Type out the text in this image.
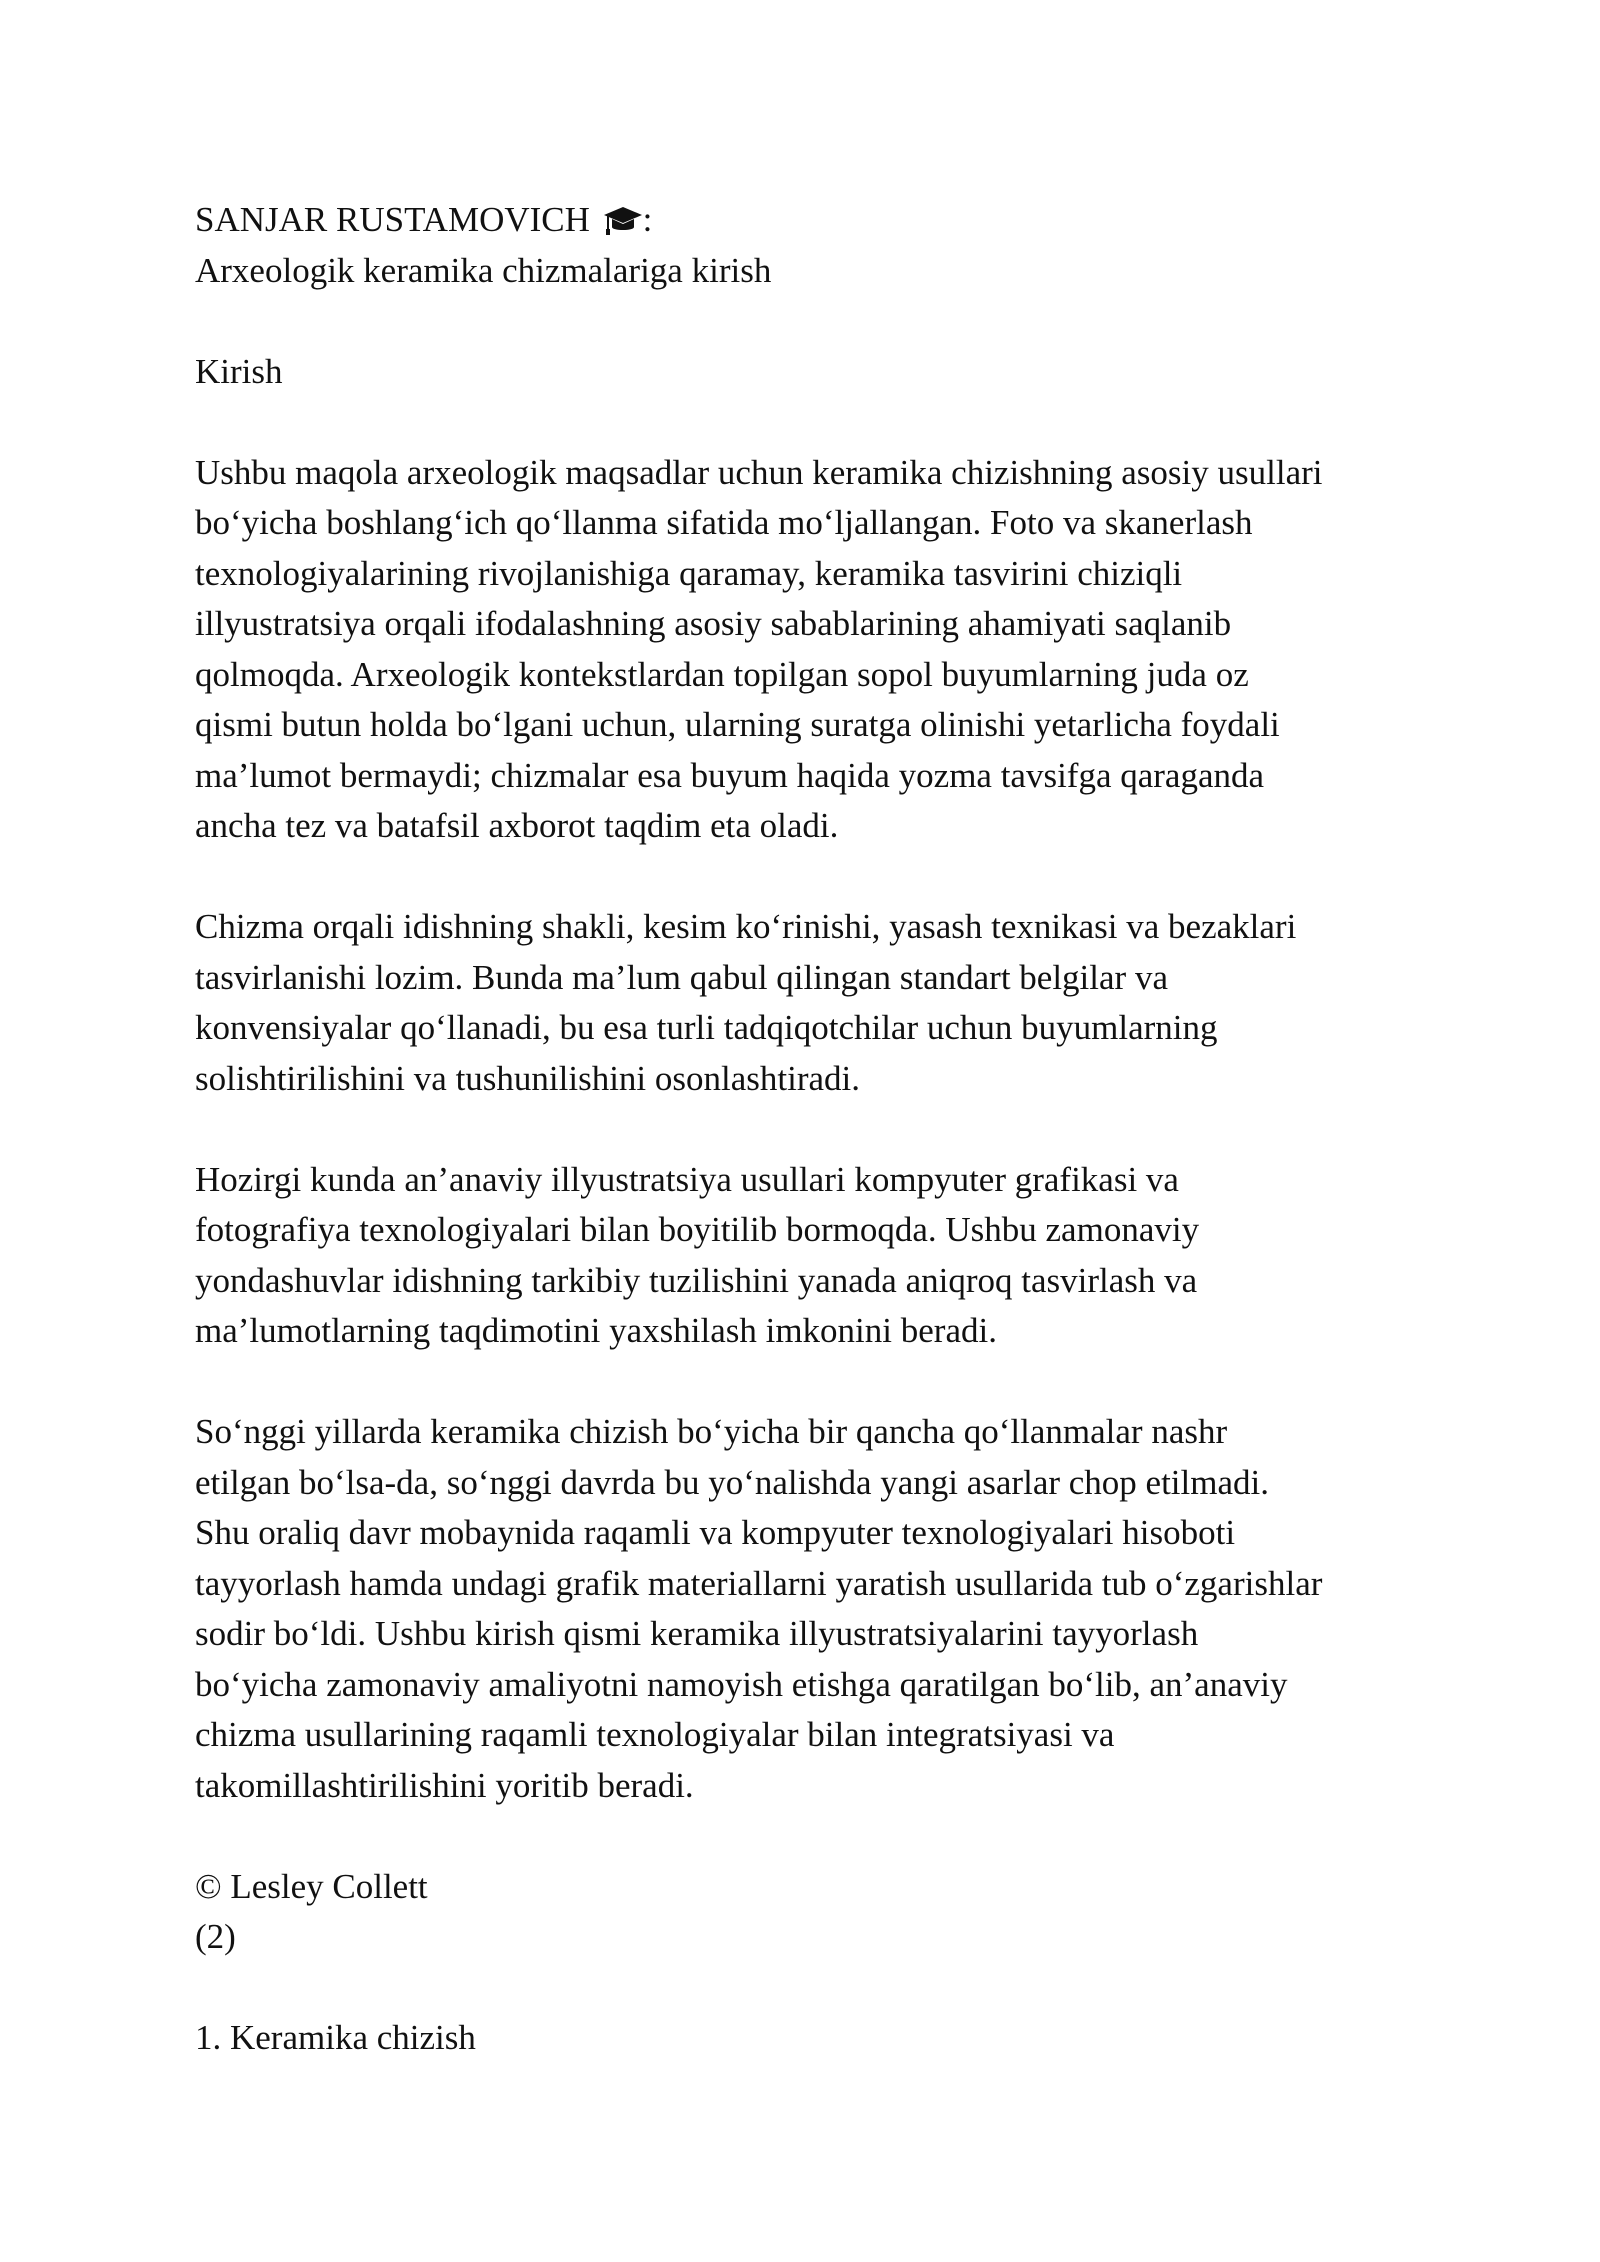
SANJAR RUSTAMOVICH :
Arxeologik keramika chizmalariga kirish
Kirish
Ushbu maqola arxeologik maqsadlar uchun keramika chizishning asosiy usullari
boʻyicha boshlangʻich qoʻllanma sifatida moʻljallangan. Foto va skanerlash
texnologiyalarining rivojlanishiga qaramay, keramika tasvirini chiziqli
illyustratsiya orqali ifodalashning asosiy sabablarining ahamiyati saqlanib
qolmoqda. Arxeologik kontekstlardan topilgan sopol buyumlarning juda oz
qismi butun holda boʻlgani uchun, ularning suratga olinishi yetarlicha foydali
ma’lumot bermaydi; chizmalar esa buyum haqida yozma tavsifga qaraganda
ancha tez va batafsil axborot taqdim eta oladi.
Chizma orqali idishning shakli, kesim koʻrinishi, yasash texnikasi va bezaklari
tasvirlanishi lozim. Bunda ma’lum qabul qilingan standart belgilar va
konvensiyalar qoʻllanadi, bu esa turli tadqiqotchilar uchun buyumlarning
solishtirilishini va tushunilishini osonlashtiradi.
Hozirgi kunda an’anaviy illyustratsiya usullari kompyuter grafikasi va
fotografiya texnologiyalari bilan boyitilib bormoqda. Ushbu zamonaviy
yondashuvlar idishning tarkibiy tuzilishini yanada aniqroq tasvirlash va
ma’lumotlarning taqdimotini yaxshilash imkonini beradi.
Soʻnggi yillarda keramika chizish boʻyicha bir qancha qoʻllanmalar nashr
etilgan boʻlsa-da, soʻnggi davrda bu yoʻnalishda yangi asarlar chop etilmadi.
Shu oraliq davr mobaynida raqamli va kompyuter texnologiyalari hisoboti
tayyorlash hamda undagi grafik materiallarni yaratish usullarida tub oʻzgarishlar
sodir boʻldi. Ushbu kirish qismi keramika illyustratsiyalarini tayyorlash
boʻyicha zamonaviy amaliyotni namoyish etishga qaratilgan boʻlib, an’anaviy
chizma usullarining raqamli texnologiyalar bilan integratsiyasi va
takomillashtirilishini yoritib beradi.
© Lesley Collett
(2)
1. Keramika chizish
